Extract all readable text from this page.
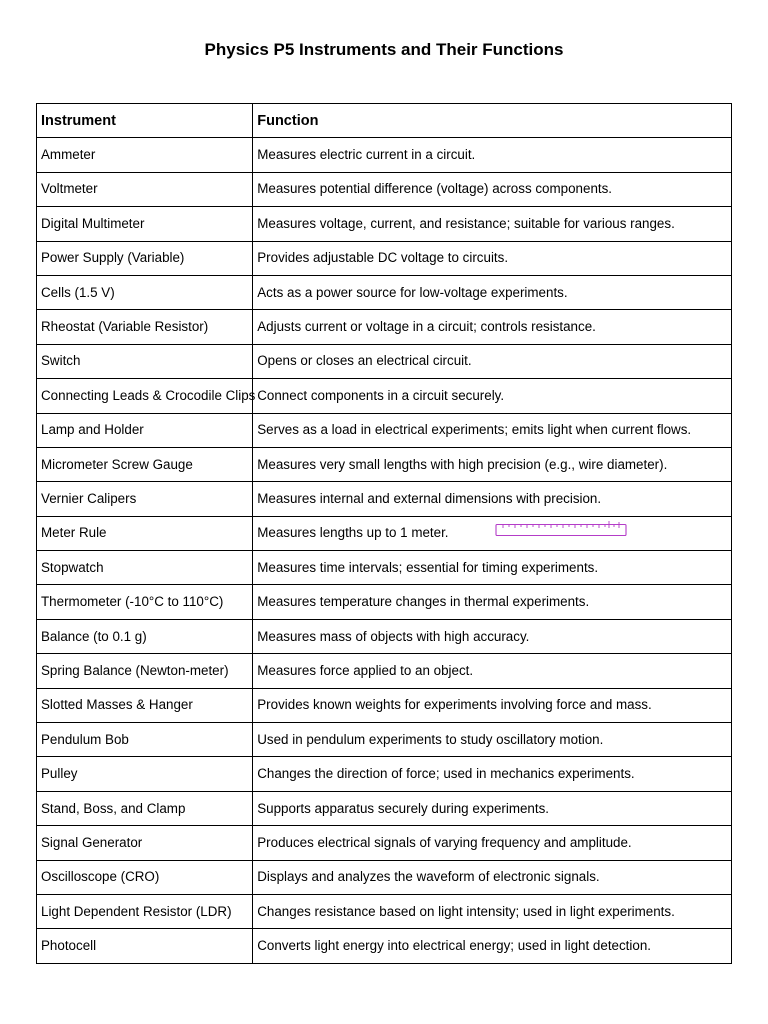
Physics P5 Instruments and Their Functions
Instrument	Function
Ammeter	Measures electric current in a circuit.
Voltmeter	Measures potential difference (voltage) across components.
Digital Multimeter	Measures voltage, current, and resistance; suitable for various ranges.
Power Supply (Variable)	Provides adjustable DC voltage to circuits.
Cells (1.5 V)	Acts as a power source for low-voltage experiments.
Rheostat (Variable Resistor)	Adjusts current or voltage in a circuit; controls resistance.
Switch	Opens or closes an electrical circuit.
Connecting Leads & Crocodile Clips	Connect components in a circuit securely.
Lamp and Holder	Serves as a load in electrical experiments; emits light when current flows.
Micrometer Screw Gauge	Measures very small lengths with high precision (e.g., wire diameter).
Vernier Calipers	Measures internal and external dimensions with precision.
Meter Rule	Measures lengths up to 1 meter.
Stopwatch	Measures time intervals; essential for timing experiments.
Thermometer (-10°C to 110°C)	Measures temperature changes in thermal experiments.
Balance (to 0.1 g)	Measures mass of objects with high accuracy.
Spring Balance (Newton-meter)	Measures force applied to an object.
Slotted Masses & Hanger	Provides known weights for experiments involving force and mass.
Pendulum Bob	Used in pendulum experiments to study oscillatory motion.
Pulley	Changes the direction of force; used in mechanics experiments.
Stand, Boss, and Clamp	Supports apparatus securely during experiments.
Signal Generator	Produces electrical signals of varying frequency and amplitude.
Oscilloscope (CRO)	Displays and analyzes the waveform of electronic signals.
Light Dependent Resistor (LDR)	Changes resistance based on light intensity; used in light experiments.
Photocell	Converts light energy into electrical energy; used in light detection.
